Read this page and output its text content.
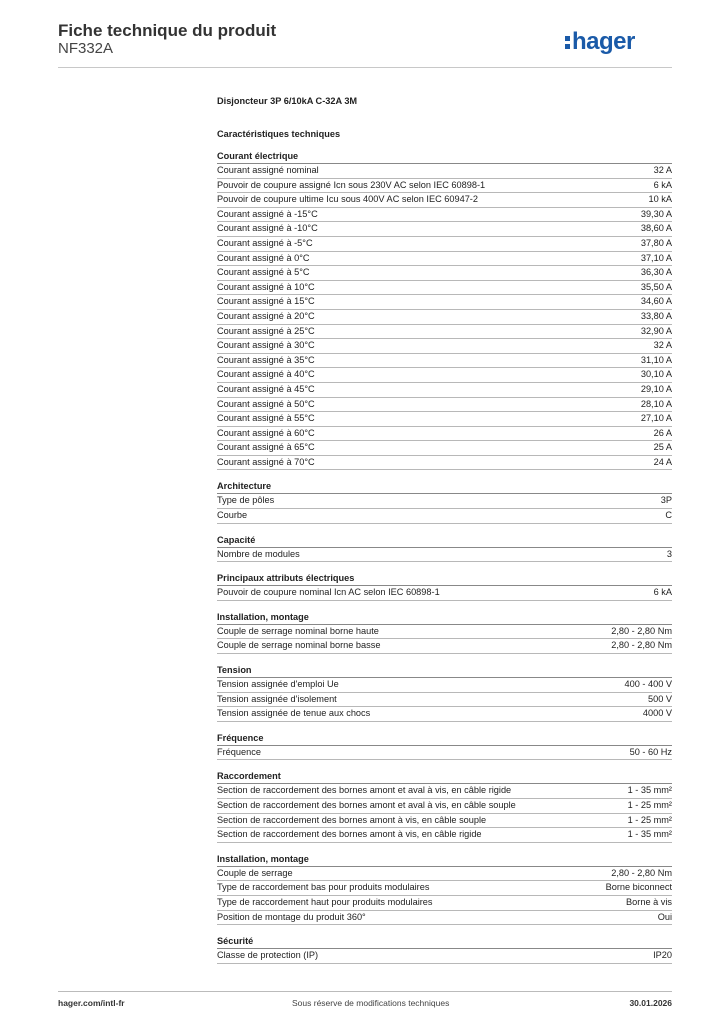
Fiche technique du produit
NF332A	hager
Disjoncteur 3P 6/10kA C-32A 3M
Caractéristiques techniques
Courant électrique
Courant assigné nominal	32 A
Pouvoir de coupure assigné Icn sous 230V AC selon IEC 60898-1	6 kA
Pouvoir de coupure ultime Icu sous 400V AC selon IEC 60947-2	10 kA
Courant assigné à -15°C	39,30 A
Courant assigné à -10°C	38,60 A
Courant assigné à -5°C	37,80 A
Courant assigné à 0°C	37,10 A
Courant assigné à 5°C	36,30 A
Courant assigné à 10°C	35,50 A
Courant assigné à 15°C	34,60 A
Courant assigné à 20°C	33,80 A
Courant assigné à 25°C	32,90 A
Courant assigné à 30°C	32 A
Courant assigné à 35°C	31,10 A
Courant assigné à 40°C	30,10 A
Courant assigné à 45°C	29,10 A
Courant assigné à 50°C	28,10 A
Courant assigné à 55°C	27,10 A
Courant assigné à 60°C	26 A
Courant assigné à 65°C	25 A
Courant assigné à 70°C	24 A
Architecture
Type de pôles	3P
Courbe	C
Capacité
Nombre de modules	3
Principaux attributs électriques
Pouvoir de coupure nominal Icn AC selon IEC 60898-1	6 kA
Installation, montage
Couple de serrage nominal borne haute	2,80 - 2,80 Nm
Couple de serrage nominal borne basse	2,80 - 2,80 Nm
Tension
Tension assignée d'emploi Ue	400 - 400 V
Tension assignée d'isolement	500 V
Tension assignée de tenue aux chocs	4000 V
Fréquence
Fréquence	50 - 60 Hz
Raccordement
Section de raccordement des bornes amont et aval à vis, en câble rigide	1 - 35 mm²
Section de raccordement des bornes amont et aval à vis, en câble souple	1 - 25 mm²
Section de raccordement des bornes amont à vis, en câble souple	1 - 25 mm²
Section de raccordement des bornes amont à vis, en câble rigide	1 - 35 mm²
Installation, montage
Couple de serrage	2,80 - 2,80 Nm
Type de raccordement bas pour produits modulaires	Borne biconnect
Type de raccordement haut pour produits modulaires	Borne à vis
Position de montage du produit 360°	Oui
Sécurité
Classe de protection (IP)	IP20
hager.com/intl-fr	Sous réserve de modifications techniques	30.01.2026
